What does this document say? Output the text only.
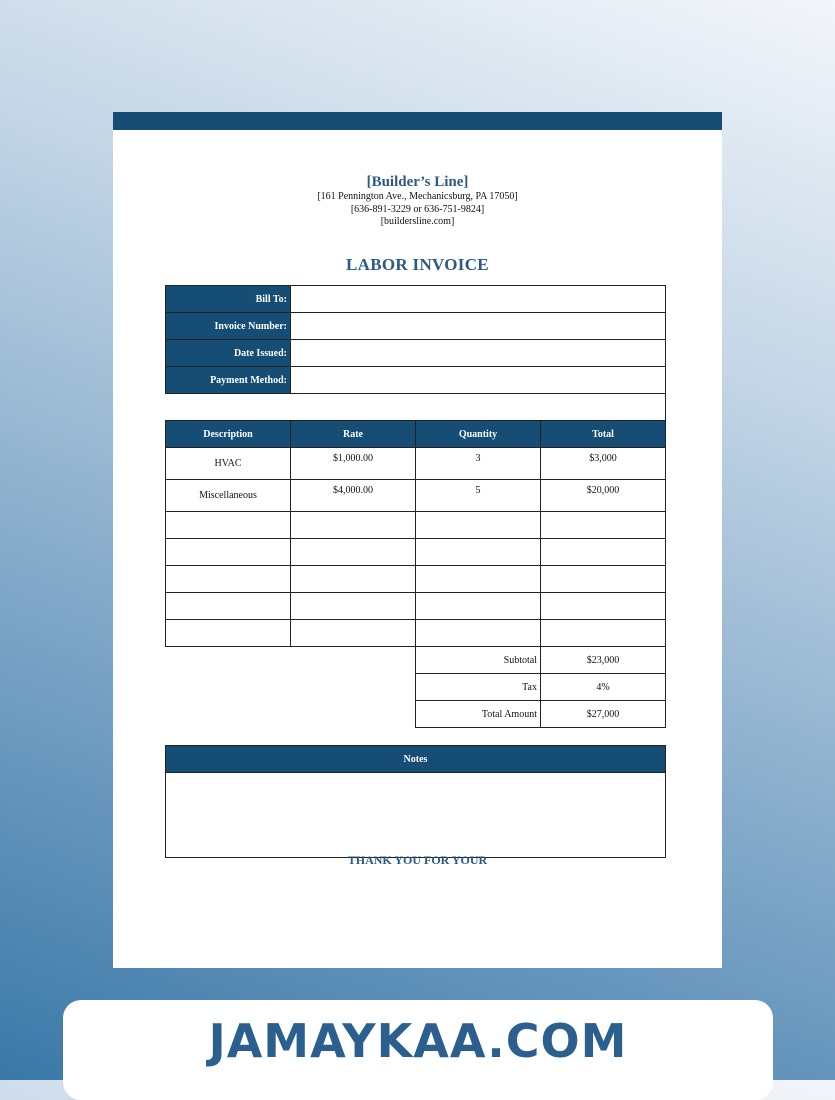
[Builder’s Line]
[161 Pennington Ave., Mechanicsburg, PA 17050]
[636-891-3229 or 636-751-9824]
[buildersline.com]
LABOR INVOICE
Bill To:	
Invoice Number:	
Date Issued:	
Payment Method:	

Description	Rate	Quantity	Total
HVAC	$1,000.00	3	$3,000
Miscellaneous	$4,000.00	5	$20,000

		Subtotal	$23,000
		Tax	4%
		Total Amount	$27,000
Notes

THANK YOU FOR YOUR
JAMAYKAA.COM
